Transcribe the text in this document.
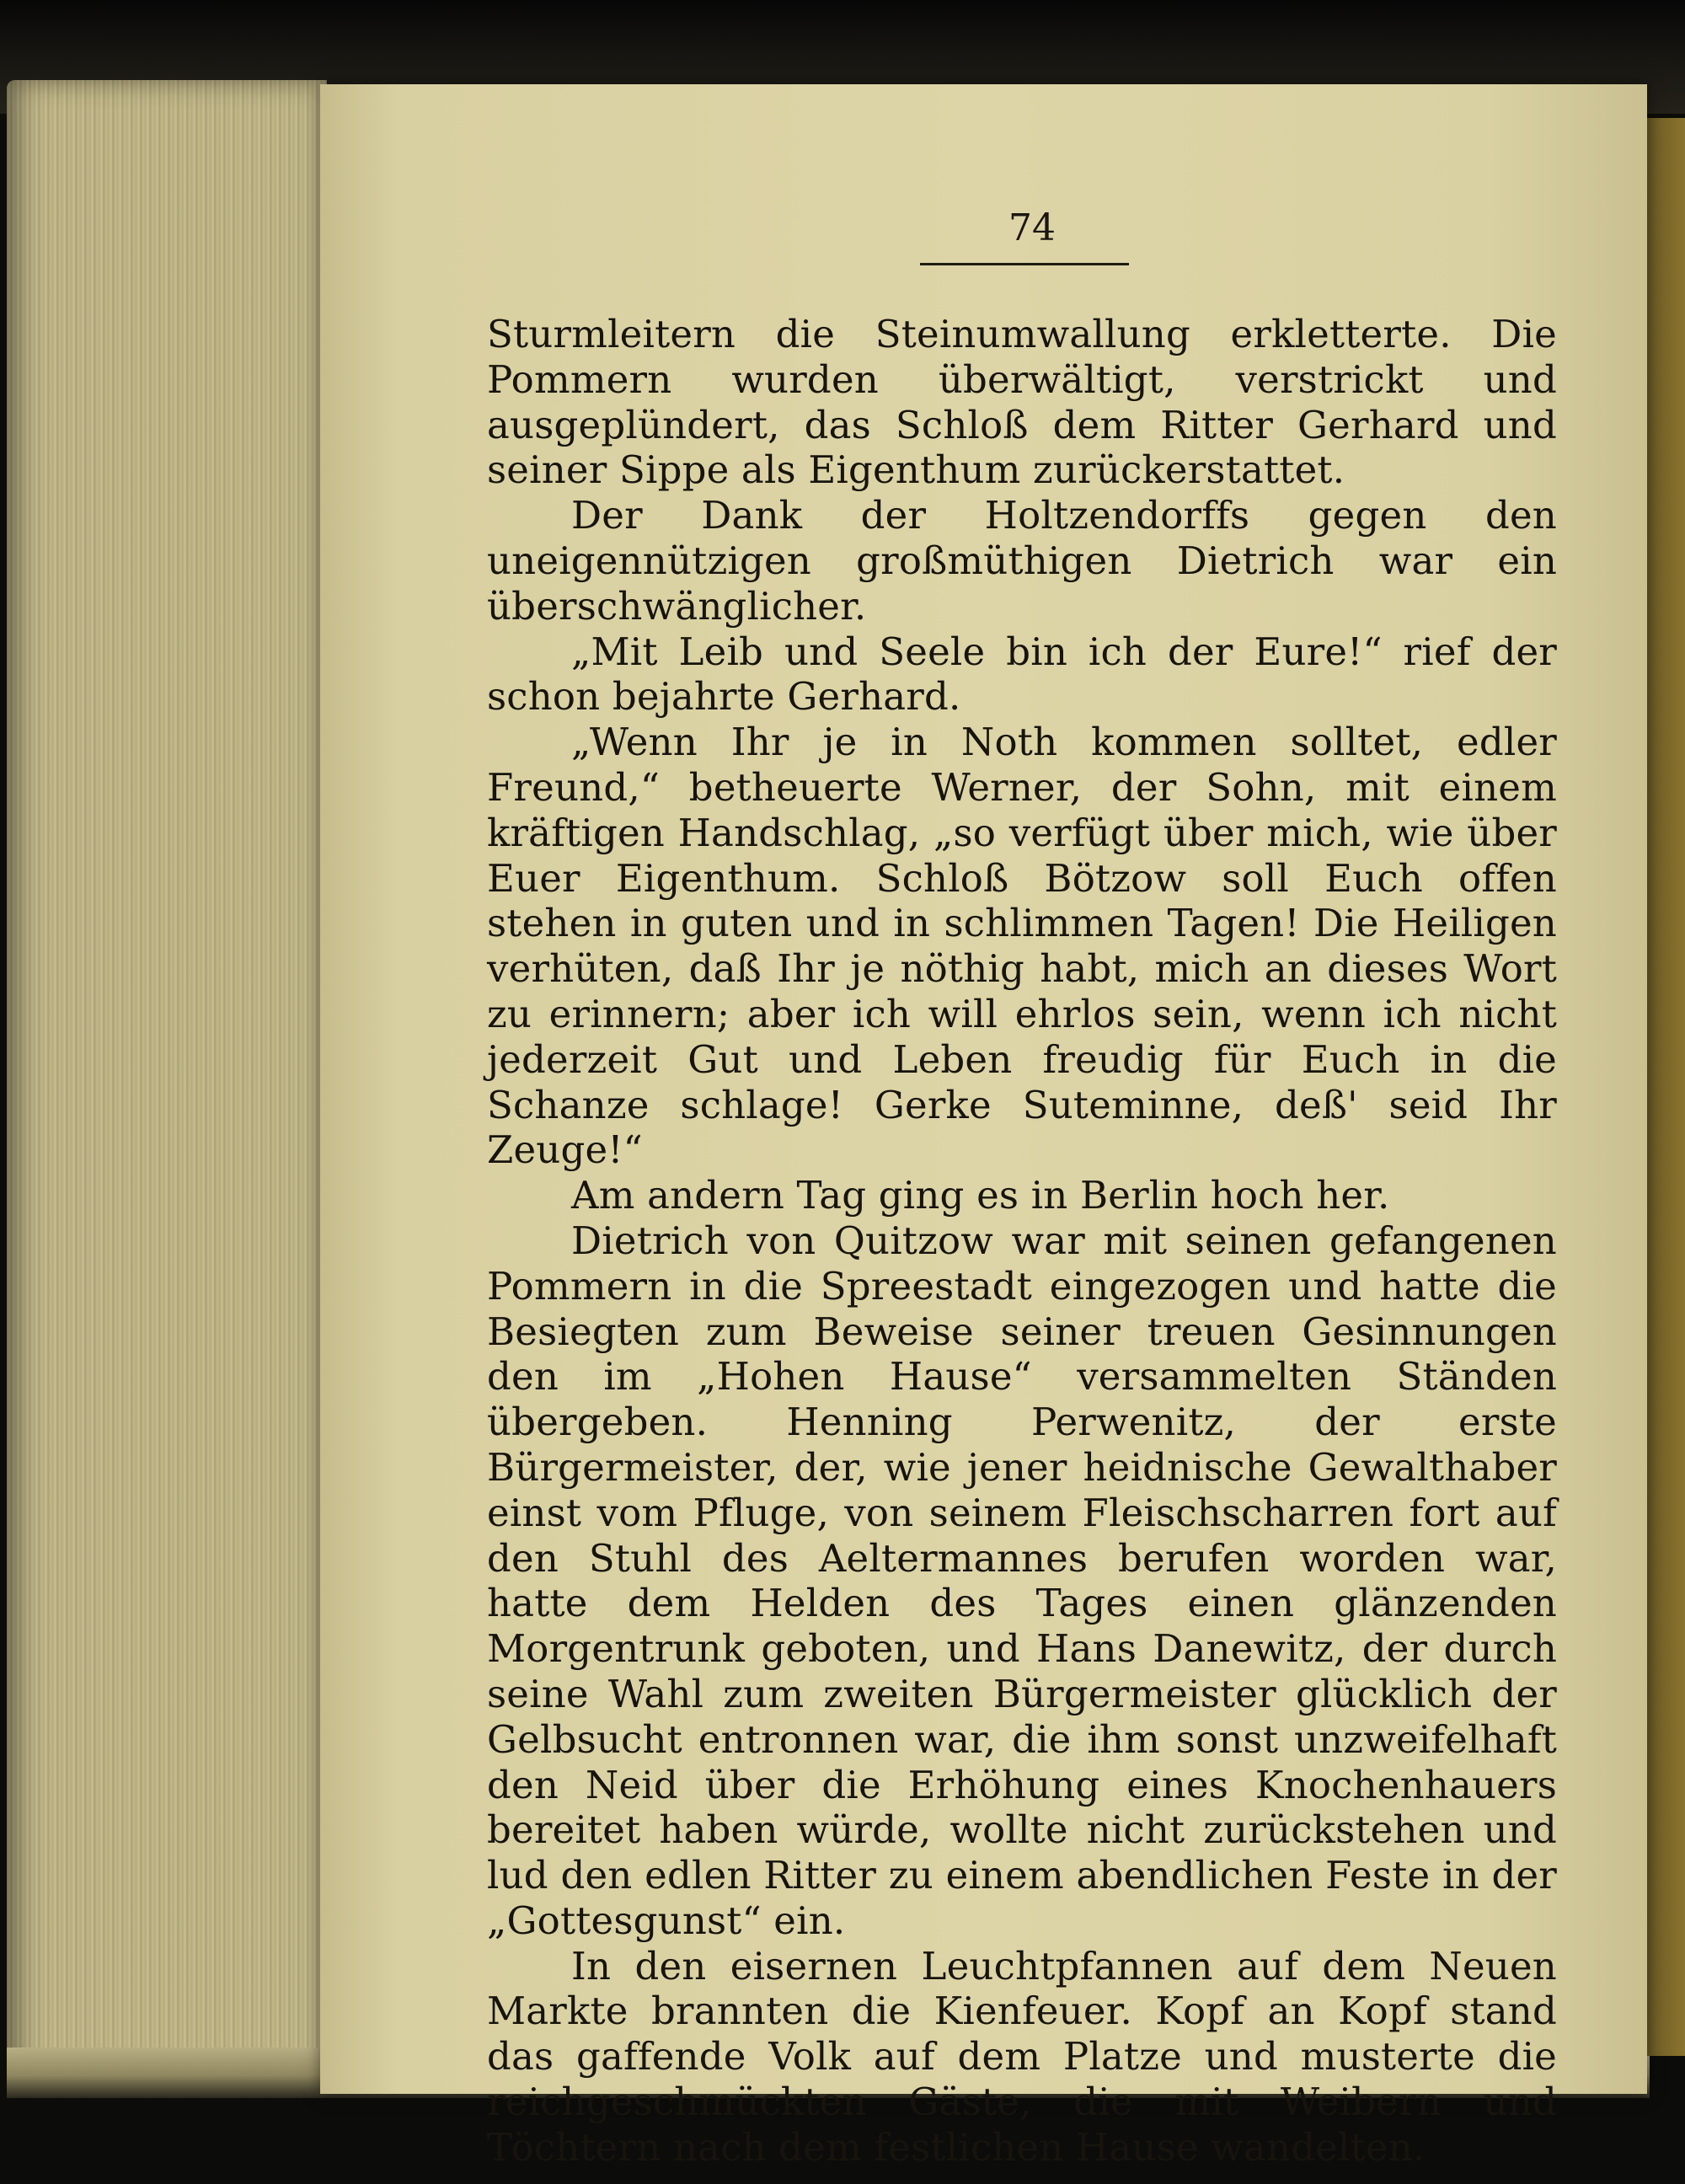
74

Sturmleitern die Steinumwallung erkletterte. Die Pommern wurden überwältigt, verstrickt und ausgeplündert, das Schloß dem Ritter Gerhard und seiner Sippe als Eigenthum zurückerstattet.

Der Dank der Holtzendorffs gegen den uneigennützigen großmüthigen Dietrich war ein überschwänglicher.

„Mit Leib und Seele bin ich der Eure!“ rief der schon bejahrte Gerhard.

„Wenn Ihr je in Noth kommen solltet, edler Freund,“ betheuerte Werner, der Sohn, mit einem kräftigen Handschlag, „so verfügt über mich, wie über Euer Eigenthum. Schloß Bötzow soll Euch offen stehen in guten und in schlimmen Tagen! Die Heiligen verhüten, daß Ihr je nöthig habt, mich an dieses Wort zu erinnern; aber ich will ehrlos sein, wenn ich nicht jederzeit Gut und Leben freudig für Euch in die Schanze schlage! Gerke Suteminne, deß' seid Ihr Zeuge!“

Am andern Tag ging es in Berlin hoch her.

Dietrich von Quitzow war mit seinen gefangenen Pommern in die Spreestadt eingezogen und hatte die Besiegten zum Beweise seiner treuen Gesinnungen den im „Hohen Hause“ versammelten Ständen übergeben. Henning Perwenitz, der erste Bürgermeister, der, wie jener heidnische Gewalthaber einst vom Pfluge, von seinem Fleischscharren fort auf den Stuhl des Aeltermannes berufen worden war, hatte dem Helden des Tages einen glänzenden Morgentrunk geboten, und Hans Danewitz, der durch seine Wahl zum zweiten Bürgermeister glücklich der Gelbsucht entronnen war, die ihm sonst unzweifelhaft den Neid über die Erhöhung eines Knochenhauers bereitet haben würde, wollte nicht zurückstehen und lud den edlen Ritter zu einem abendlichen Feste in der „Gottesgunst“ ein.

In den eisernen Leuchtpfannen auf dem Neuen Markte brannten die Kienfeuer. Kopf an Kopf stand das gaffende Volk auf dem Platze und musterte die reichgeschmückten Gäste, die mit Weibern und Töchtern nach dem festlichen Hause wandelten.
